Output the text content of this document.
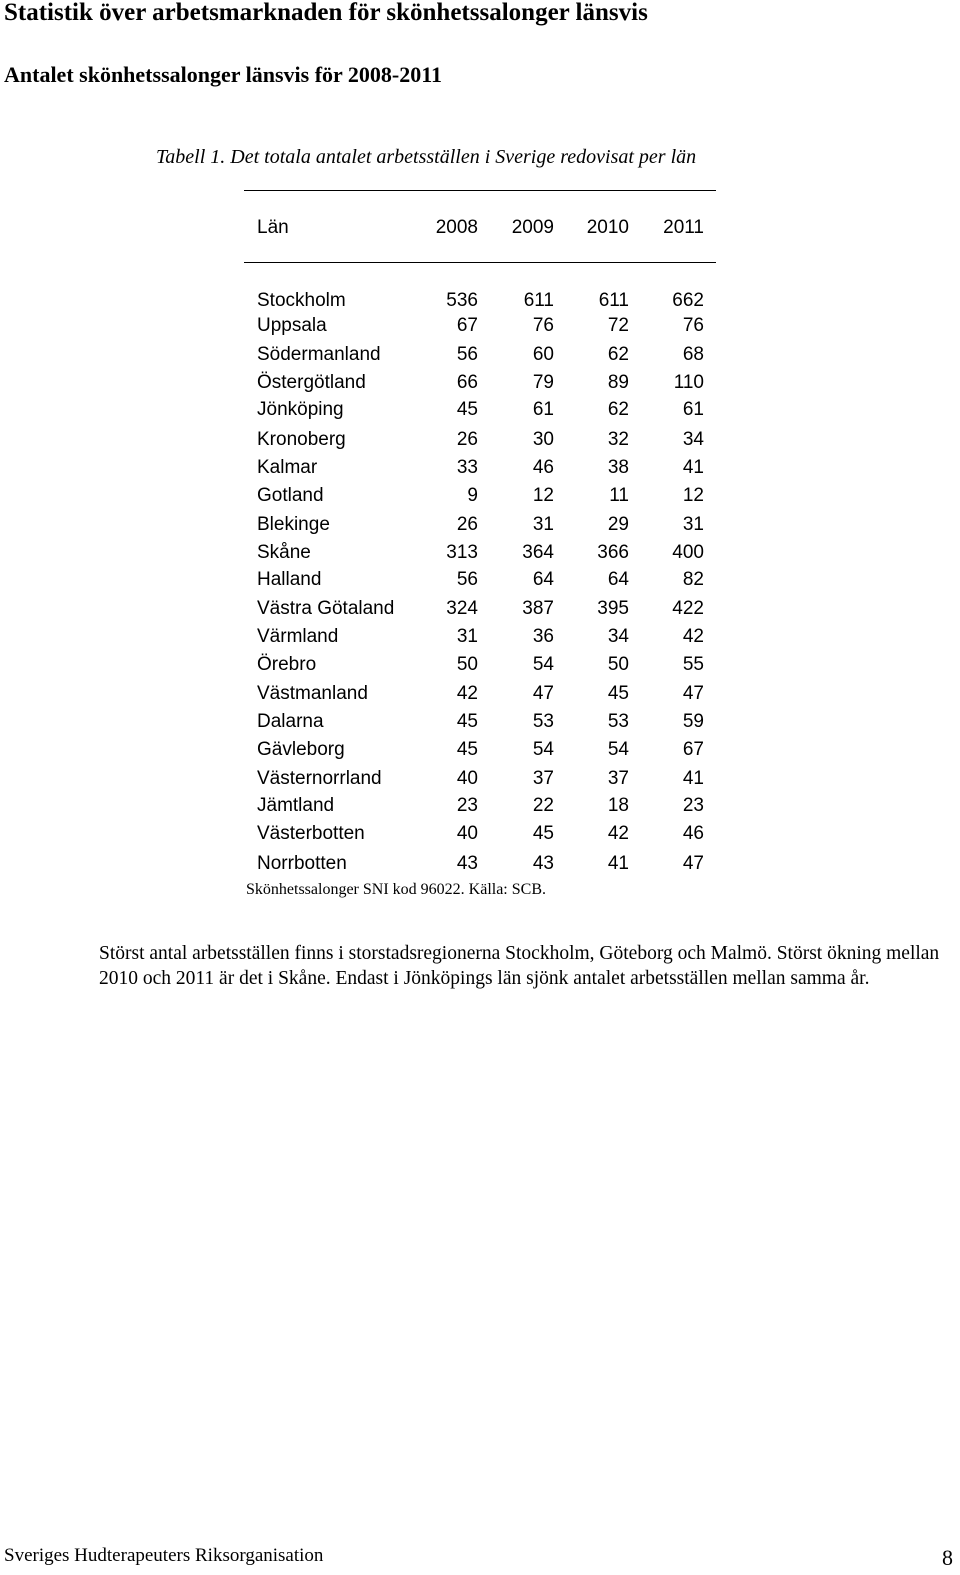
Statistik över arbetsmarknaden för skönhetssalonger länsvis
Antalet skönhetssalonger länsvis för 2008-2011
Tabell 1. Det totala antalet arbetsställen i Sverige redovisat per län
Län	2008	2009	2010	2011
Stockholm	536	611	611	662
Uppsala	67	76	72	76
Södermanland	56	60	62	68
Östergötland	66	79	89	110
Jönköping	45	61	62	61
Kronoberg	26	30	32	34
Kalmar	33	46	38	41
Gotland	9	12	11	12
Blekinge	26	31	29	31
Skåne	313	364	366	400
Halland	56	64	64	82
Västra Götaland	324	387	395	422
Värmland	31	36	34	42
Örebro	50	54	50	55
Västmanland	42	47	45	47
Dalarna	45	53	53	59
Gävleborg	45	54	54	67
Västernorrland	40	37	37	41
Jämtland	23	22	18	23
Västerbotten	40	45	42	46
Norrbotten	43	43	41	47
Skönhetssalonger SNI kod 96022. Källa: SCB.

Störst antal arbetsställen finns i storstadsregionerna Stockholm, Göteborg och Malmö. Störst ökning mellan 2010 och 2011 är det i Skåne. Endast i Jönköpings län sjönk antalet arbetsställen mellan samma år.

Sveriges Hudterapeuters Riksorganisation	8
